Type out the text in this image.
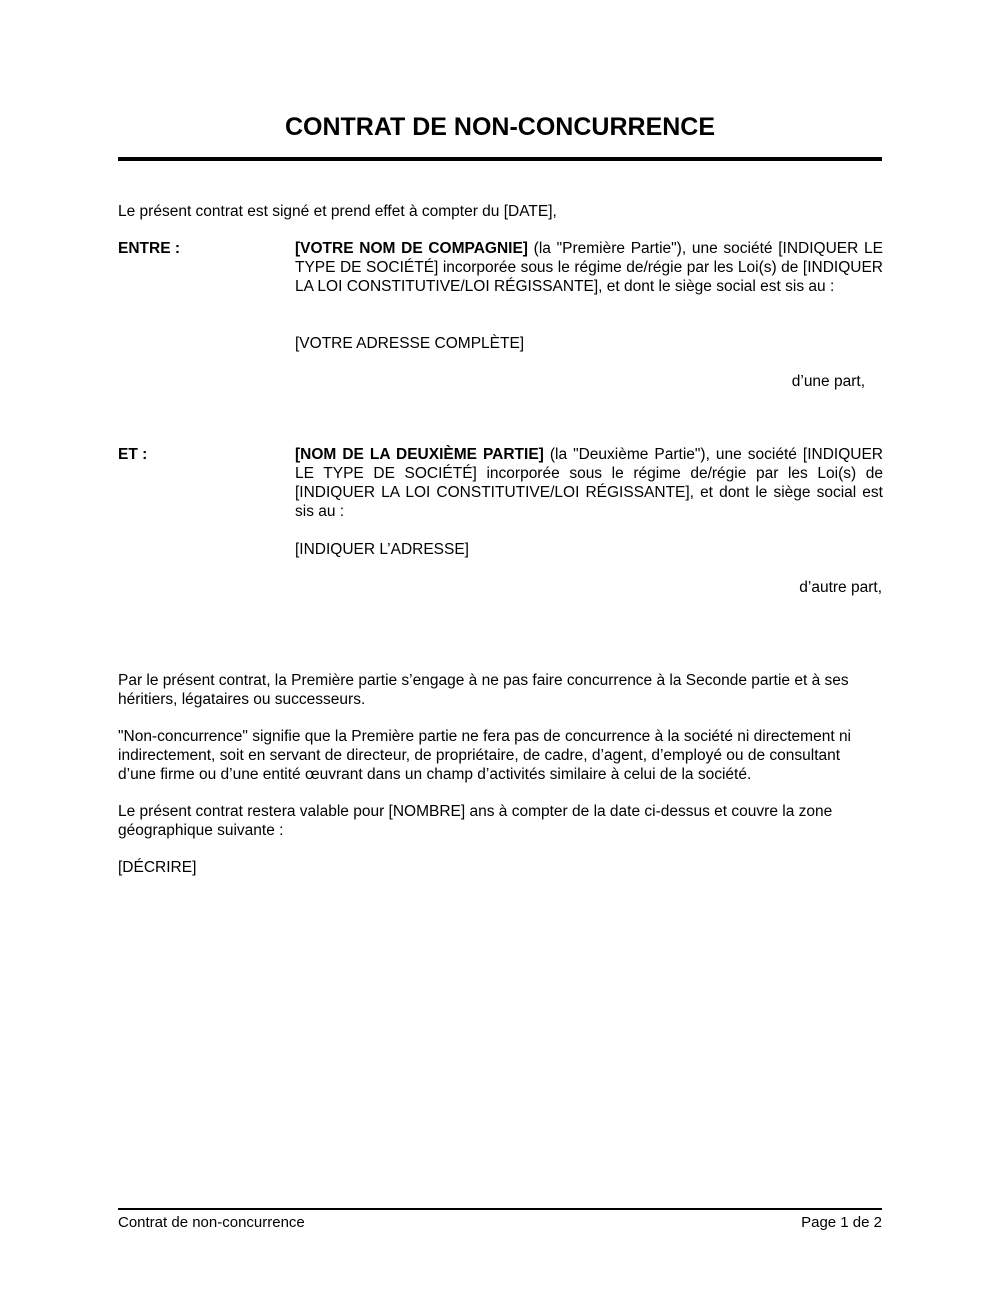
CONTRAT DE NON-CONCURRENCE
Le présent contrat est signé et prend effet à compter du [DATE],
ENTRE :	[VOTRE NOM DE COMPAGNIE] (la "Première Partie"), une société [INDIQUER LE TYPE DE SOCIÉTÉ] incorporée sous le régime de/régie par les Loi(s) de [INDIQUER LA LOI CONSTITUTIVE/LOI RÉGISSANTE], et dont le siège social est sis au :
[VOTRE ADRESSE COMPLÈTE]
d’une part,
ET :	[NOM DE LA DEUXIÈME PARTIE] (la "Deuxième Partie"), une société [INDIQUER LE TYPE DE SOCIÉTÉ] incorporée sous le régime de/régie par les Loi(s) de [INDIQUER LA LOI CONSTITUTIVE/LOI RÉGISSANTE], et dont le siège social est sis au :
[INDIQUER L’ADRESSE]
d’autre part,
Par le présent contrat, la Première partie s’engage à ne pas faire concurrence à la Seconde partie et à ses héritiers, légataires ou successeurs.
"Non-concurrence" signifie que la Première partie ne fera pas de concurrence à la société ni directement ni indirectement, soit en servant de directeur, de propriétaire, de cadre, d’agent, d’employé ou de consultant d’une firme ou d’une entité œuvrant dans un champ d’activités similaire à celui de la société.
Le présent contrat restera valable pour [NOMBRE] ans à compter de la date ci-dessus et couvre la zone géographique suivante :
[DÉCRIRE]
Contrat de non-concurrence	Page 1 de 2
